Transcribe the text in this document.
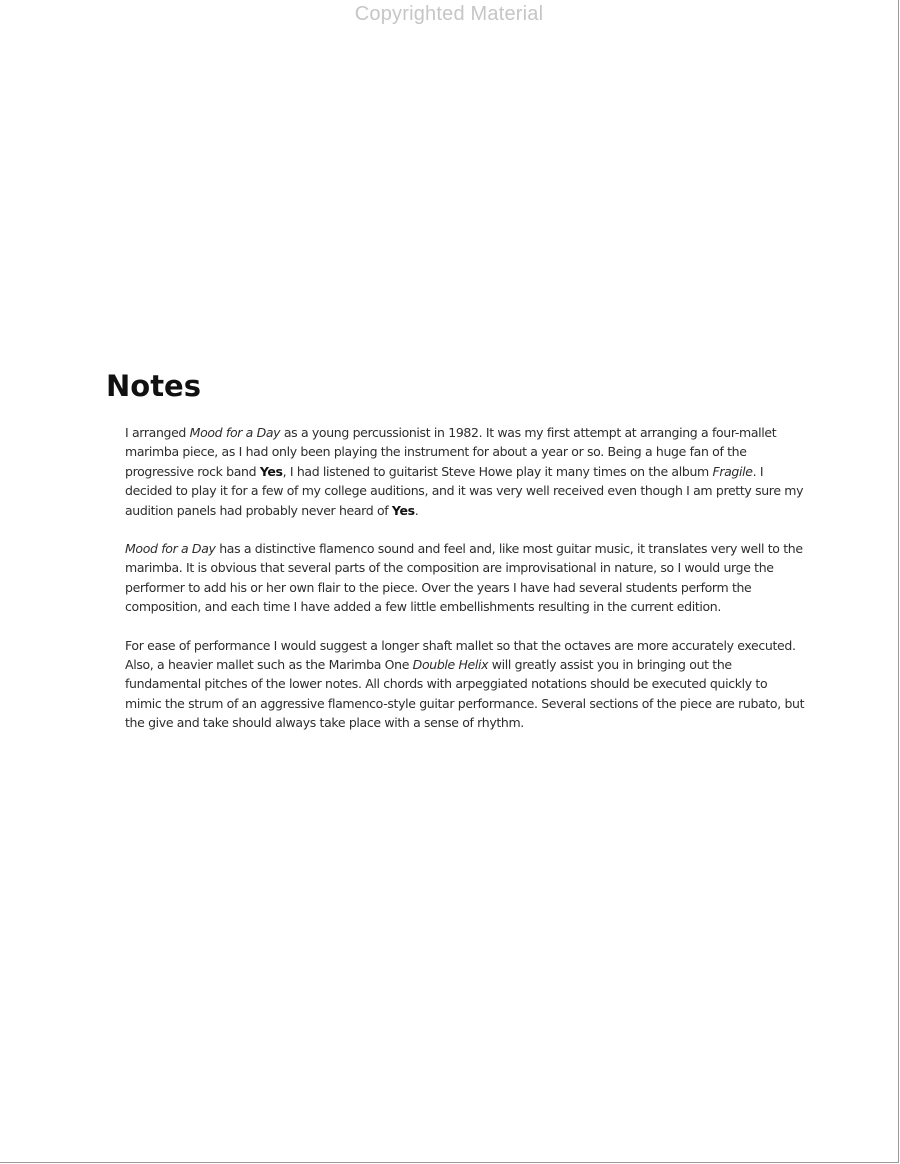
Copyrighted Material
Notes

I arranged Mood for a Day as a young percussionist in 1982. It was my first attempt at arranging a four-mallet marimba piece, as I had only been playing the instrument for about a year or so. Being a huge fan of the progressive rock band Yes, I had listened to guitarist Steve Howe play it many times on the album Fragile. I decided to play it for a few of my college auditions, and it was very well received even though I am pretty sure my audition panels had probably never heard of Yes.

Mood for a Day has a distinctive flamenco sound and feel and, like most guitar music, it translates very well to the marimba. It is obvious that several parts of the composition are improvisational in nature, so I would urge the performer to add his or her own flair to the piece. Over the years I have had several students perform the composition, and each time I have added a few little embellishments resulting in the current edition.

For ease of performance I would suggest a longer shaft mallet so that the octaves are more accurately executed. Also, a heavier mallet such as the Marimba One Double Helix will greatly assist you in bringing out the fundamental pitches of the lower notes. All chords with arpeggiated notations should be executed quickly to mimic the strum of an aggressive flamenco-style guitar performance. Several sections of the piece are rubato, but the give and take should always take place with a sense of rhythm.
